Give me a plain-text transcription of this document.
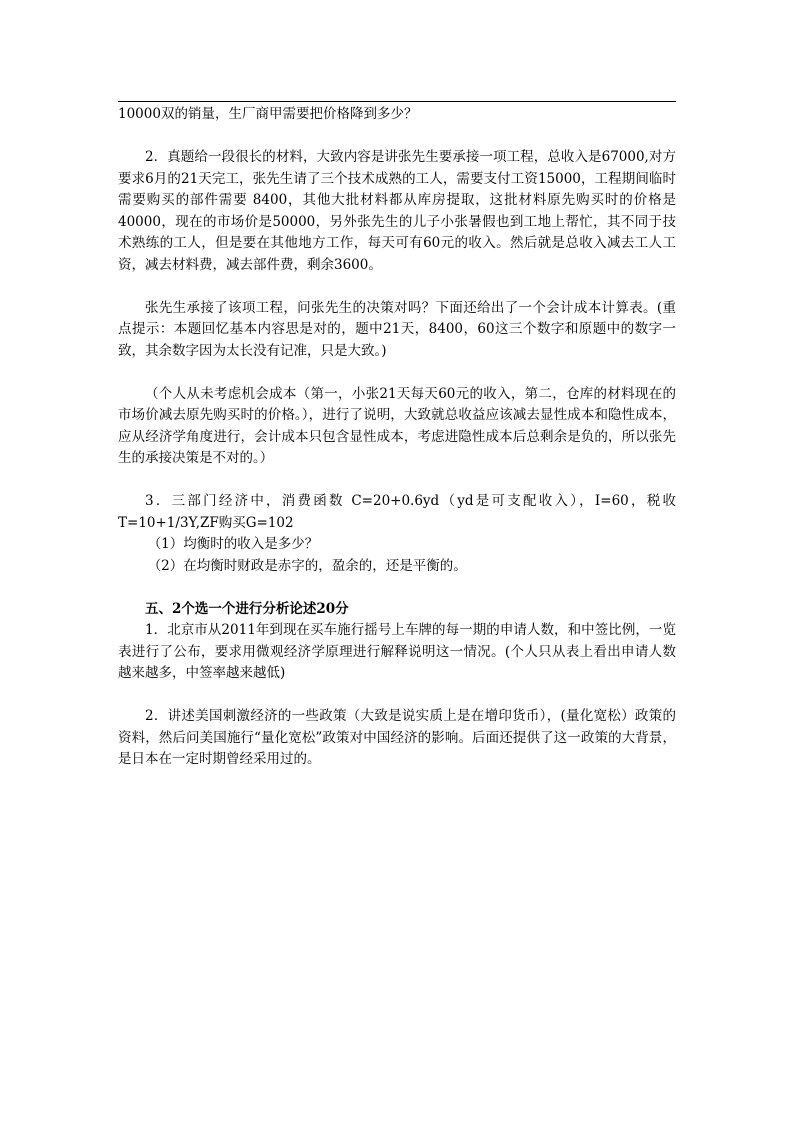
10000双的销量，生厂商甲需要把价格降到多少？

2．真题给一段很长的材料，大致内容是讲张先生要承接一项工程，总收入是67000,对方要求6月的21天完工，张先生请了三个技术成熟的工人，需要支付工资15000，工程期间临时需要购买的部件需要 8400，其他大批材料都从库房提取，这批材料原先购买时的价格是40000，现在的市场价是50000，另外张先生的儿子小张暑假也到工地上帮忙，其不同于技术熟练的工人，但是要在其他地方工作，每天可有60元的收入。然后就是总收入减去工人工资，减去材料费，减去部件费，剩余3600。

张先生承接了该项工程，问张先生的决策对吗？下面还给出了一个会计成本计算表。(重点提示：本题回忆基本内容思是对的，题中21天，8400，60这三个数字和原题中的数字一致，其余数字因为太长没有记准，只是大致。)

（个人从未考虑机会成本（第一，小张21天每天60元的收入，第二，仓库的材料现在的市场价减去原先购买时的价格。），进行了说明，大致就总收益应该减去显性成本和隐性成本，应从经济学角度进行，会计成本只包含显性成本，考虑进隐性成本后总剩余是负的，所以张先生的承接决策是不对的。）

3．三部门经济中，消费函数 C=20+0.6yd（yd是可支配收入），I=60，税收 T=10+1/3Y,ZF购买G=102

（1）均衡时的收入是多少？

（2）在均衡时财政是赤字的，盈余的，还是平衡的。

五、2个选一个进行分析论述20分

1．北京市从2011年到现在买车施行摇号上车牌的每一期的申请人数，和中签比例，一览表进行了公布，要求用微观经济学原理进行解释说明这一情况。(个人只从表上看出申请人数越来越多，中签率越来越低)

2．讲述美国刺激经济的一些政策（大致是说实质上是在增印货币），(量化宽松）政策的资料，然后问美国施行“量化宽松”政策对中国经济的影响。后面还提供了这一政策的大背景，是日本在一定时期曾经采用过的。
